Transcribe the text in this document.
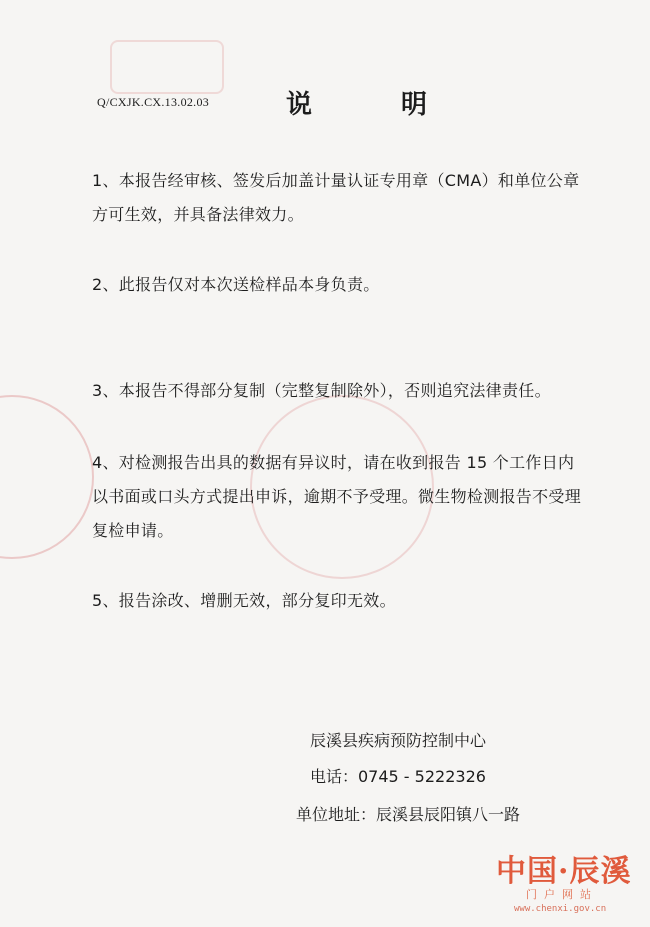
Q/CXJK.CX.13.02.03	说 明
1、本报告经审核、签发后加盖计量认证专用章（CMA）和单位公章方可生效，并具备法律效力。
2、此报告仅对本次送检样品本身负责。
3、本报告不得部分复制（完整复制除外），否则追究法律责任。
4、对检测报告出具的数据有异议时，请在收到报告 15 个工作日内以书面或口头方式提出申诉，逾期不予受理。微生物检测报告不受理复检申请。
5、报告涂改、增删无效，部分复印无效。
辰溪县疾病预防控制中心
电话：0745 - 5222326
单位地址：辰溪县辰阳镇八一路
中国·辰溪
门户网站
www.chenxi.gov.cn
